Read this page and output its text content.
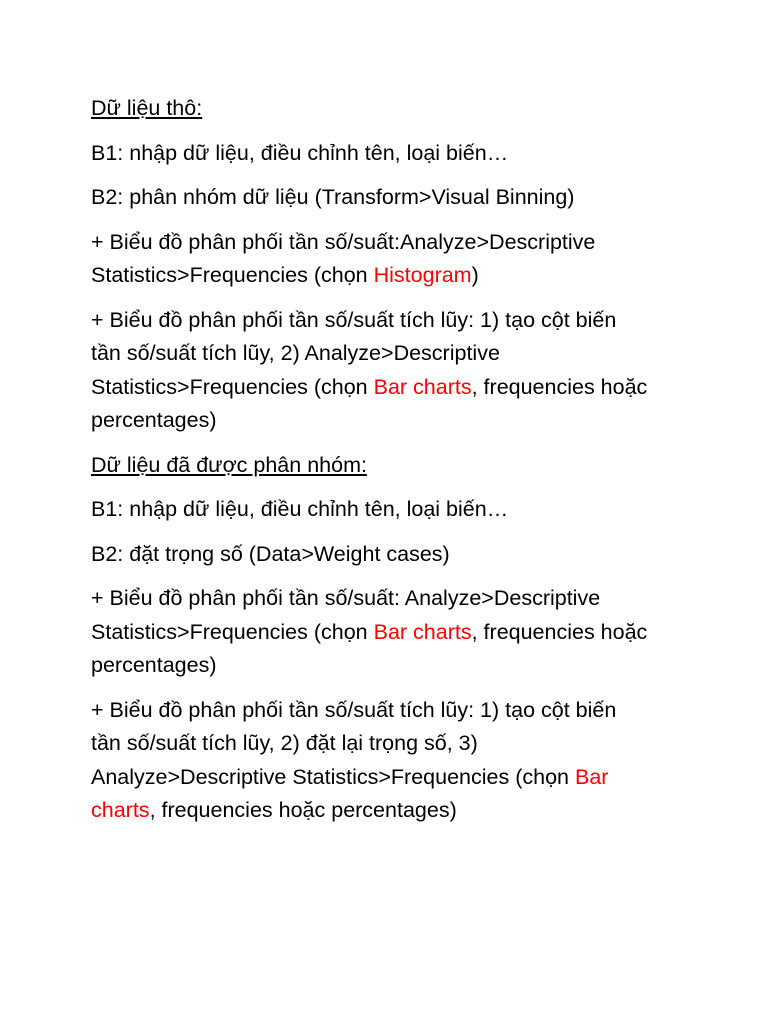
Dữ liệu thô:
B1: nhập dữ liệu, điều chỉnh tên, loại biến…
B2: phân nhóm dữ liệu (Transform>Visual Binning)
+ Biểu đồ phân phối tần số/suất:Analyze>Descriptive
Statistics>Frequencies (chọn Histogram)
+ Biểu đồ phân phối tần số/suất tích lũy: 1) tạo cột biến
tần số/suất tích lũy, 2) Analyze>Descriptive
Statistics>Frequencies (chọn Bar charts, frequencies hoặc
percentages)
Dữ liệu đã được phân nhóm:
B1: nhập dữ liệu, điều chỉnh tên, loại biến…
B2: đặt trọng số (Data>Weight cases)
+ Biểu đồ phân phối tần số/suất: Analyze>Descriptive
Statistics>Frequencies (chọn Bar charts, frequencies hoặc
percentages)
+ Biểu đồ phân phối tần số/suất tích lũy: 1) tạo cột biến
tần số/suất tích lũy, 2) đặt lại trọng số, 3)
Analyze>Descriptive Statistics>Frequencies (chọn Bar
charts, frequencies hoặc percentages)
